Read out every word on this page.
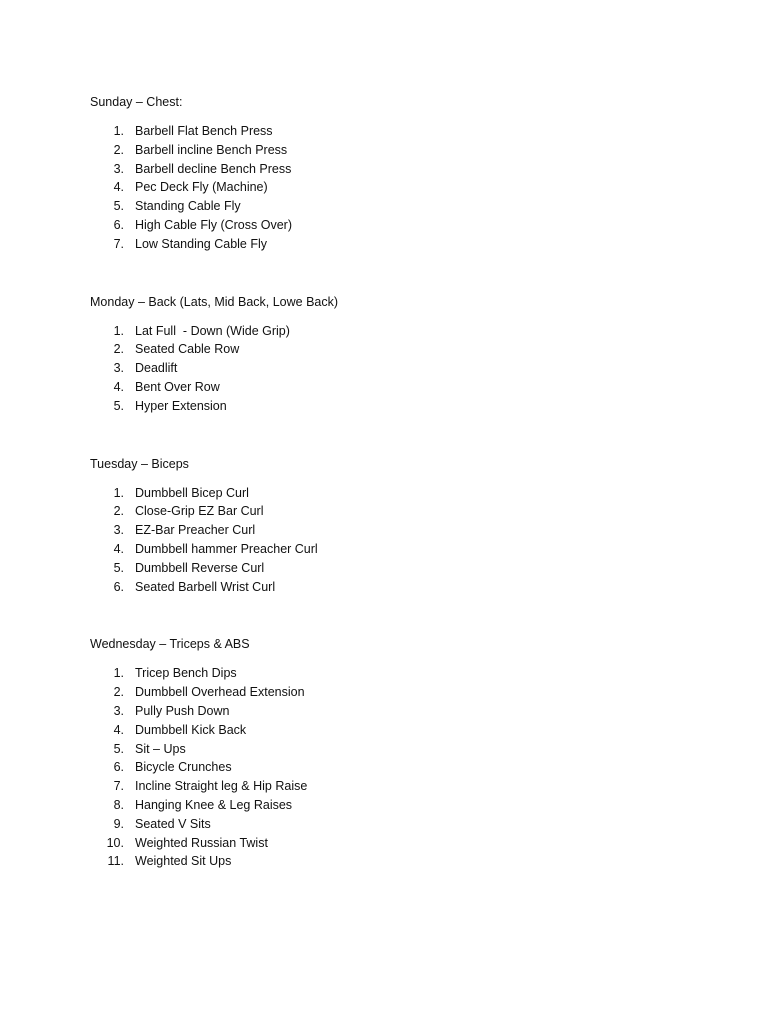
Sunday – Chest:
1. Barbell Flat Bench Press
2. Barbell incline Bench Press
3. Barbell decline Bench Press
4. Pec Deck Fly (Machine)
5. Standing Cable Fly
6. High Cable Fly (Cross Over)
7. Low Standing Cable Fly
Monday – Back (Lats, Mid Back, Lowe Back)
1. Lat Full  - Down (Wide Grip)
2. Seated Cable Row
3. Deadlift
4. Bent Over Row
5. Hyper Extension
Tuesday – Biceps
1. Dumbbell Bicep Curl
2. Close-Grip EZ Bar Curl
3. EZ-Bar Preacher Curl
4. Dumbbell hammer Preacher Curl
5. Dumbbell Reverse Curl
6. Seated Barbell Wrist Curl
Wednesday – Triceps & ABS
1. Tricep Bench Dips
2. Dumbbell Overhead Extension
3. Pully Push Down
4. Dumbbell Kick Back
5. Sit – Ups
6. Bicycle Crunches
7. Incline Straight leg & Hip Raise
8. Hanging Knee & Leg Raises
9. Seated V Sits
10. Weighted Russian Twist
11. Weighted Sit Ups
